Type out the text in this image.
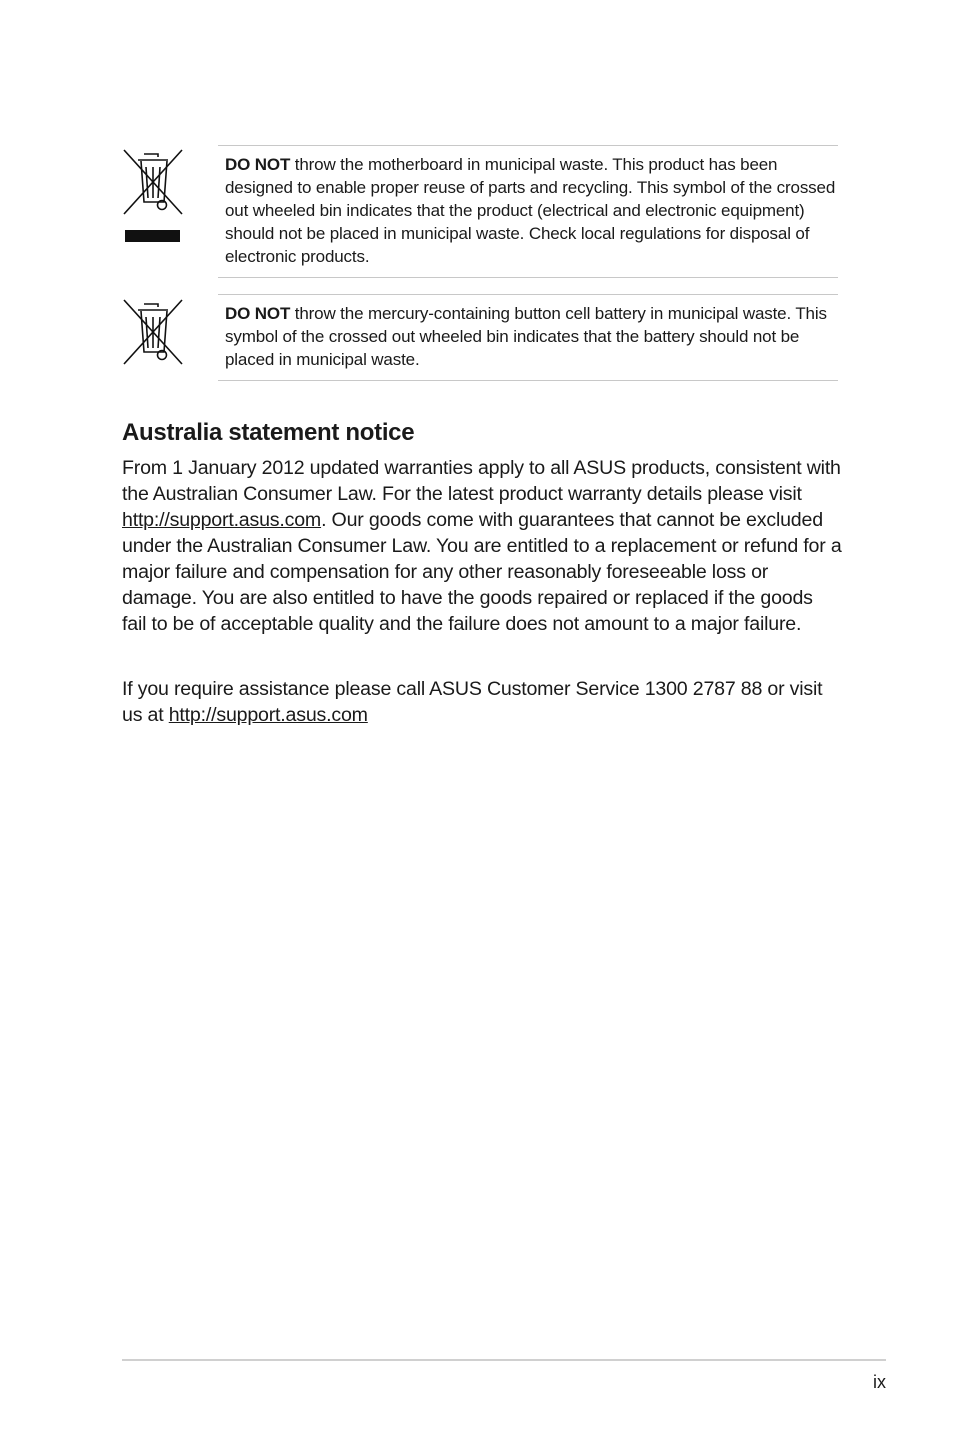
DO NOT throw the motherboard in municipal waste. This product has been designed to enable proper reuse of parts and recycling. This symbol of the crossed out wheeled bin indicates that the product (electrical and electronic equipment) should not be placed in municipal waste. Check local regulations for disposal of electronic products.
DO NOT throw the mercury-containing button cell battery in municipal waste. This symbol of the crossed out wheeled bin indicates that the battery should not be placed in municipal waste.
Australia statement notice

From 1 January 2012 updated warranties apply to all ASUS products, consistent with the Australian Consumer Law. For the latest product warranty details please visit http://support.asus.com. Our goods come with guarantees that cannot be excluded under the Australian Consumer Law. You are entitled to a replacement or refund for a major failure and compensation for any other reasonably foreseeable loss or damage. You are also entitled to have the goods repaired or replaced if the goods fail to be of acceptable quality and the failure does not amount to a major failure.

If you require assistance please call ASUS Customer Service 1300 2787 88 or visit us at http://support.asus.com

ix
